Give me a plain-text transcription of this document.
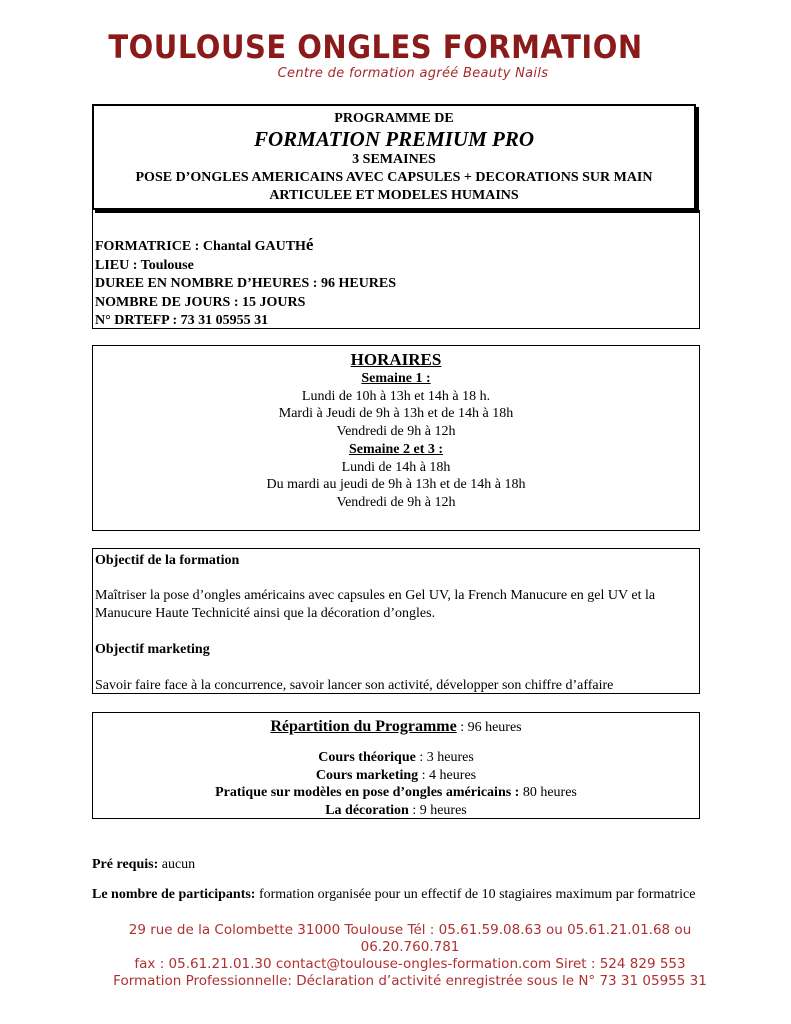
TOULOUSE ONGLES FORMATION
Centre de formation agréé Beauty Nails
PROGRAMME DE
FORMATION PREMIUM PRO
3 SEMAINES
POSE D’ONGLES AMERICAINS AVEC CAPSULES + DECORATIONS SUR MAIN
ARTICULEE ET MODELES HUMAINS
FORMATRICE : Chantal GAUTHé
LIEU : Toulouse
DUREE EN NOMBRE D’HEURES : 96 HEURES
NOMBRE DE JOURS : 15 JOURS
N° DRTEFP : 73 31 05955 31
HORAIRES
Semaine 1 :
Lundi de 10h à 13h et 14h à 18 h.
Mardi à Jeudi de 9h à 13h et de 14h à 18h
Vendredi de 9h à 12h
Semaine 2 et 3 :
Lundi de 14h à 18h
Du mardi au jeudi de 9h à 13h et de 14h à 18h
Vendredi de 9h à 12h
Objectif de la formation
Maîtriser la pose d’ongles américains avec capsules en Gel UV, la French Manucure en gel UV et la Manucure Haute Technicité ainsi que la décoration d’ongles.
Objectif marketing
Savoir faire face à la concurrence, savoir lancer son activité, développer son chiffre d’affaire
Répartition du Programme : 96 heures
Cours théorique : 3 heures
Cours marketing : 4 heures
Pratique sur modèles en pose d’ongles américains : 80 heures
La décoration : 9 heures
Pré requis: aucun
Le nombre de participants: formation organisée pour un effectif de 10 stagiaires maximum par formatrice
29 rue de la Colombette 31000 Toulouse Tél : 05.61.59.08.63 ou 05.61.21.01.68 ou 06.20.760.781
fax : 05.61.21.01.30 contact@toulouse-ongles-formation.com Siret : 524 829 553
Formation Professionnelle: Déclaration d’activité enregistrée sous le N° 73 31 05955 31
